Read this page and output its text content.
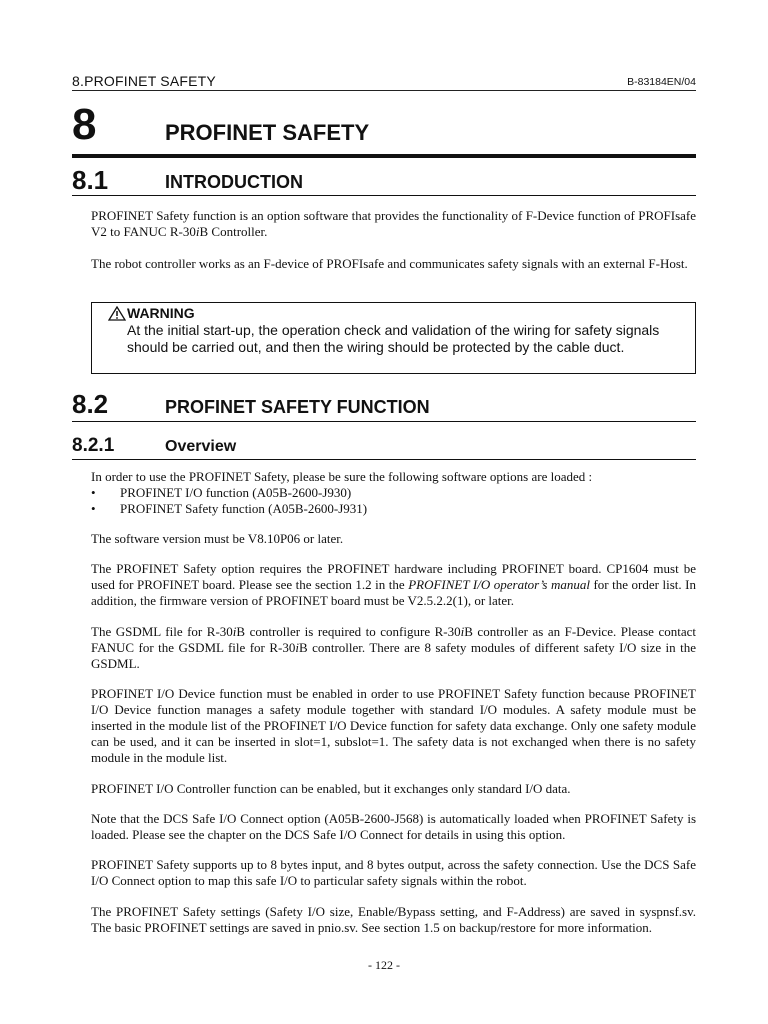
8.PROFINET SAFETY	B-83184EN/04
8	PROFINET SAFETY
8.1	INTRODUCTION

PROFINET Safety function is an option software that provides the functionality of F-Device function of PROFIsafe V2 to FANUC R-30iB Controller.

The robot controller works as an F-device of PROFIsafe and communicates safety signals with an external F-Host.

WARNING
At the initial start-up, the operation check and validation of the wiring for safety signals should be carried out, and then the wiring should be protected by the cable duct.
8.2	PROFINET SAFETY FUNCTION
8.2.1	Overview

In order to use the PROFINET Safety, please be sure the following software options are loaded :

• PROFINET I/O function (A05B-2600-J930)
• PROFINET Safety function (A05B-2600-J931)

The software version must be V8.10P06 or later.

The PROFINET Safety option requires the PROFINET hardware including PROFINET board. CP1604 must be used for PROFINET board. Please see the section 1.2 in the PROFINET I/O operator’s manual for the order list. In addition, the firmware version of PROFINET board must be V2.5.2.2(1), or later.

The GSDML file for R-30iB controller is required to configure R-30iB controller as an F-Device. Please contact FANUC for the GSDML file for R-30iB controller. There are 8 safety modules of different safety I/O size in the GSDML.

PROFINET I/O Device function must be enabled in order to use PROFINET Safety function because PROFINET I/O Device function manages a safety module together with standard I/O modules. A safety module must be inserted in the module list of the PROFINET I/O Device function for safety data exchange. Only one safety module can be used, and it can be inserted in slot=1, subslot=1. The safety data is not exchanged when there is no safety module in the module list.

PROFINET I/O Controller function can be enabled, but it exchanges only standard I/O data.

Note that the DCS Safe I/O Connect option (A05B-2600-J568) is automatically loaded when PROFINET Safety is loaded. Please see the chapter on the DCS Safe I/O Connect for details in using this option.

PROFINET Safety supports up to 8 bytes input, and 8 bytes output, across the safety connection. Use the DCS Safe I/O Connect option to map this safe I/O to particular safety signals within the robot.

The PROFINET Safety settings (Safety I/O size, Enable/Bypass setting, and F-Address) are saved in syspnsf.sv. The basic PROFINET settings are saved in pnio.sv. See section 1.5 on backup/restore for more information.

- 122 -
